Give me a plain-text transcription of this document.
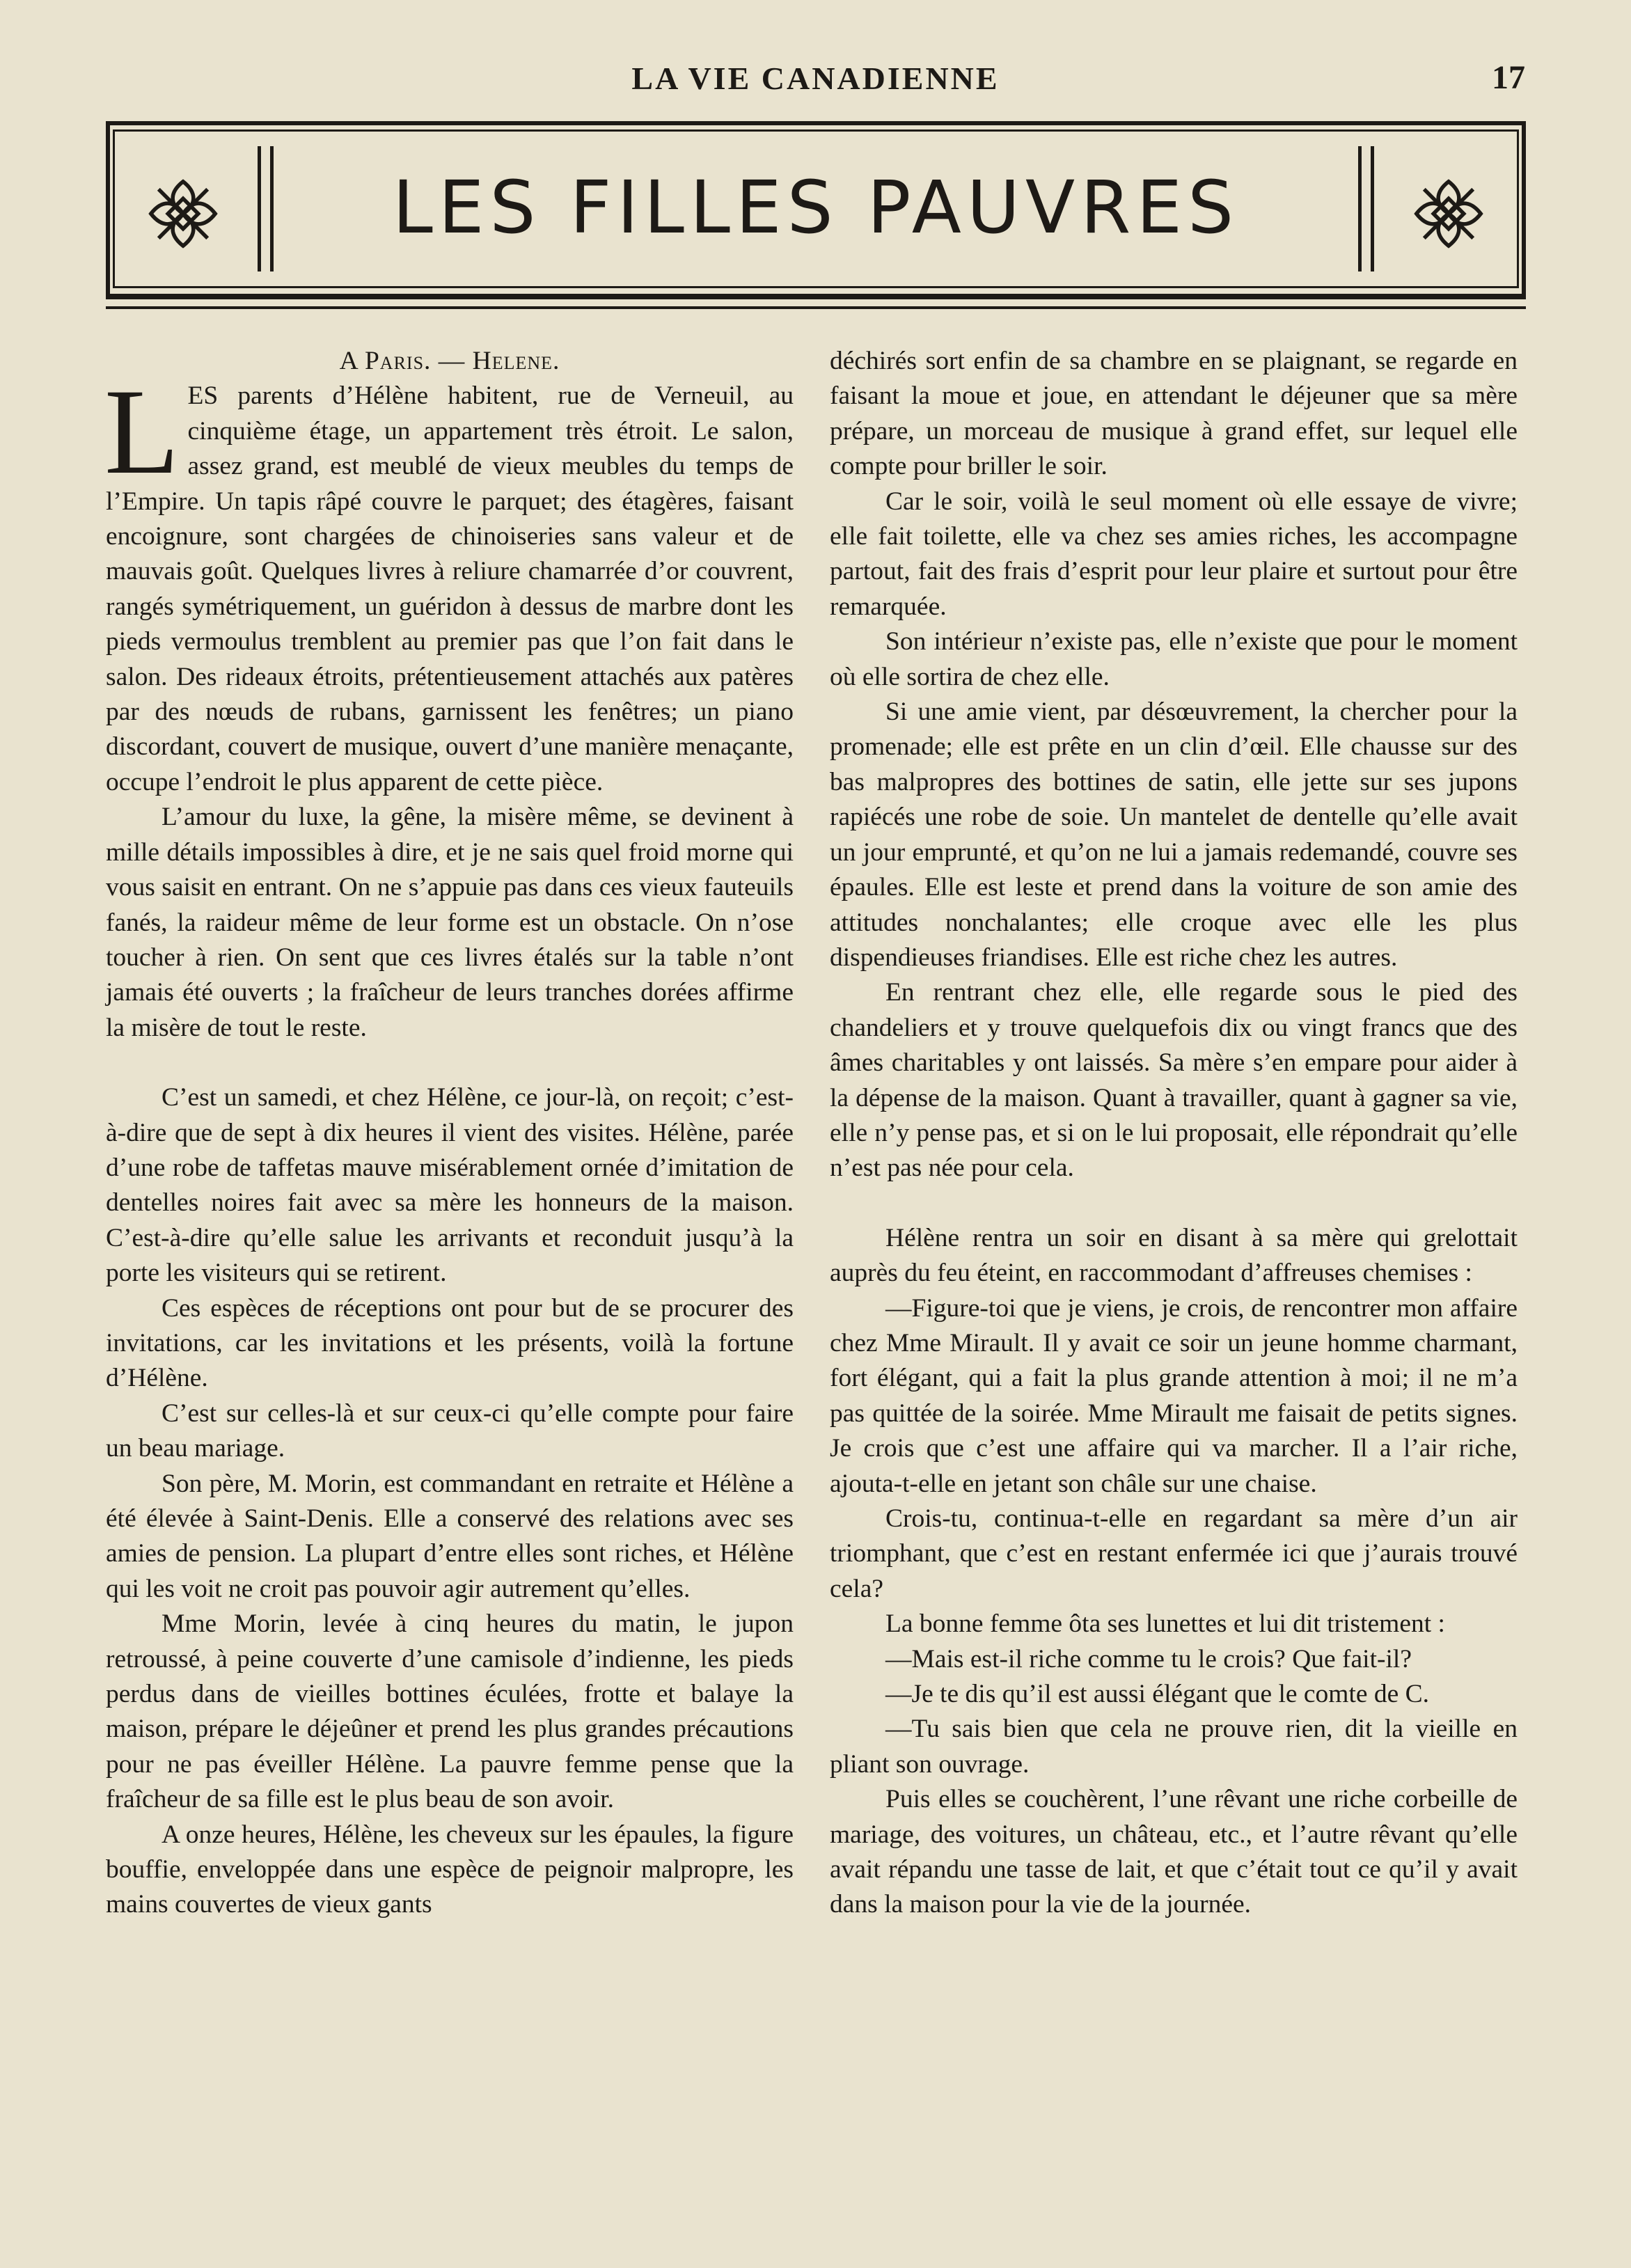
LA VIE CANADIENNE	17
LES FILLES PAUVRES

A Paris. — Helene.

LES parents d’Hélène habitent, rue de Verneuil, au cinquième étage, un appartement très étroit. Le salon, assez grand, est meublé de vieux meubles du temps de l’Empire. Un tapis râpé couvre le parquet; des étagères, faisant encoignure, sont chargées de chinoiseries sans valeur et de mauvais goût. Quelques livres à reliure chamarrée d’or couvrent, rangés symétriquement, un guéridon à dessus de marbre dont les pieds vermoulus tremblent au premier pas que l’on fait dans le salon. Des rideaux étroits, prétentieusement attachés aux patères par des nœuds de rubans, garnissent les fenêtres; un piano discordant, couvert de musique, ouvert d’une manière menaçante, occupe l’endroit le plus apparent de cette pièce.

L’amour du luxe, la gêne, la misère même, se devinent à mille détails impossibles à dire, et je ne sais quel froid morne qui vous saisit en entrant. On ne s’appuie pas dans ces vieux fauteuils fanés, la raideur même de leur forme est un obstacle. On n’ose toucher à rien. On sent que ces livres étalés sur la table n’ont jamais été ouverts ; la fraîcheur de leurs tranches dorées affirme la misère de tout le reste.

C’est un samedi, et chez Hélène, ce jour-là, on reçoit; c’est-à-dire que de sept à dix heures il vient des visites. Hélène, parée d’une robe de taffetas mauve misérablement ornée d’imitation de dentelles noires fait avec sa mère les honneurs de la maison. C’est-à-dire qu’elle salue les arrivants et reconduit jusqu’à la porte les visiteurs qui se retirent.

Ces espèces de réceptions ont pour but de se procurer des invitations, car les invitations et les présents, voilà la fortune d’Hélène.

C’est sur celles-là et sur ceux-ci qu’elle compte pour faire un beau mariage.

Son père, M. Morin, est commandant en retraite et Hélène a été élevée à Saint-Denis. Elle a conservé des relations avec ses amies de pension. La plupart d’entre elles sont riches, et Hélène qui les voit ne croit pas pouvoir agir autrement qu’elles.

Mme Morin, levée à cinq heures du matin, le jupon retroussé, à peine couverte d’une camisole d’indienne, les pieds perdus dans de vieilles bottines éculées, frotte et balaye la maison, prépare le déjeûner et prend les plus grandes précautions pour ne pas éveiller Hélène. La pauvre femme pense que la fraîcheur de sa fille est le plus beau de son avoir.

A onze heures, Hélène, les cheveux sur les épaules, la figure bouffie, enveloppée dans une espèce de peignoir malpropre, les mains couvertes de vieux gants

déchirés sort enfin de sa chambre en se plaignant, se regarde en faisant la moue et joue, en attendant le déjeuner que sa mère prépare, un morceau de musique à grand effet, sur lequel elle compte pour briller le soir.

Car le soir, voilà le seul moment où elle essaye de vivre; elle fait toilette, elle va chez ses amies riches, les accompagne partout, fait des frais d’esprit pour leur plaire et surtout pour être remarquée.

Son intérieur n’existe pas, elle n’existe que pour le moment où elle sortira de chez elle.

Si une amie vient, par désœuvrement, la chercher pour la promenade; elle est prête en un clin d’œil. Elle chausse sur des bas malpropres des bottines de satin, elle jette sur ses jupons rapiécés une robe de soie. Un mantelet de dentelle qu’elle avait un jour emprunté, et qu’on ne lui a jamais redemandé, couvre ses épaules. Elle est leste et prend dans la voiture de son amie des attitudes nonchalantes; elle croque avec elle les plus dispendieuses friandises. Elle est riche chez les autres.

En rentrant chez elle, elle regarde sous le pied des chandeliers et y trouve quelquefois dix ou vingt francs que des âmes charitables y ont laissés. Sa mère s’en empare pour aider à la dépense de la maison. Quant à travailler, quant à gagner sa vie, elle n’y pense pas, et si on le lui proposait, elle répondrait qu’elle n’est pas née pour cela.

Hélène rentra un soir en disant à sa mère qui grelottait auprès du feu éteint, en raccommodant d’affreuses chemises :

—Figure-toi que je viens, je crois, de rencontrer mon affaire chez Mme Mirault. Il y avait ce soir un jeune homme charmant, fort élégant, qui a fait la plus grande attention à moi; il ne m’a pas quittée de la soirée. Mme Mirault me faisait de petits signes. Je crois que c’est une affaire qui va marcher. Il a l’air riche, ajouta-t-elle en jetant son châle sur une chaise.

Crois-tu, continua-t-elle en regardant sa mère d’un air triomphant, que c’est en restant enfermée ici que j’aurais trouvé cela?

La bonne femme ôta ses lunettes et lui dit tristement :

—Mais est-il riche comme tu le crois? Que fait-il?

—Je te dis qu’il est aussi élégant que le comte de C.

—Tu sais bien que cela ne prouve rien, dit la vieille en pliant son ouvrage.

Puis elles se couchèrent, l’une rêvant une riche corbeille de mariage, des voitures, un château, etc., et l’autre rêvant qu’elle avait répandu une tasse de lait, et que c’était tout ce qu’il y avait dans la maison pour la vie de la journée.
